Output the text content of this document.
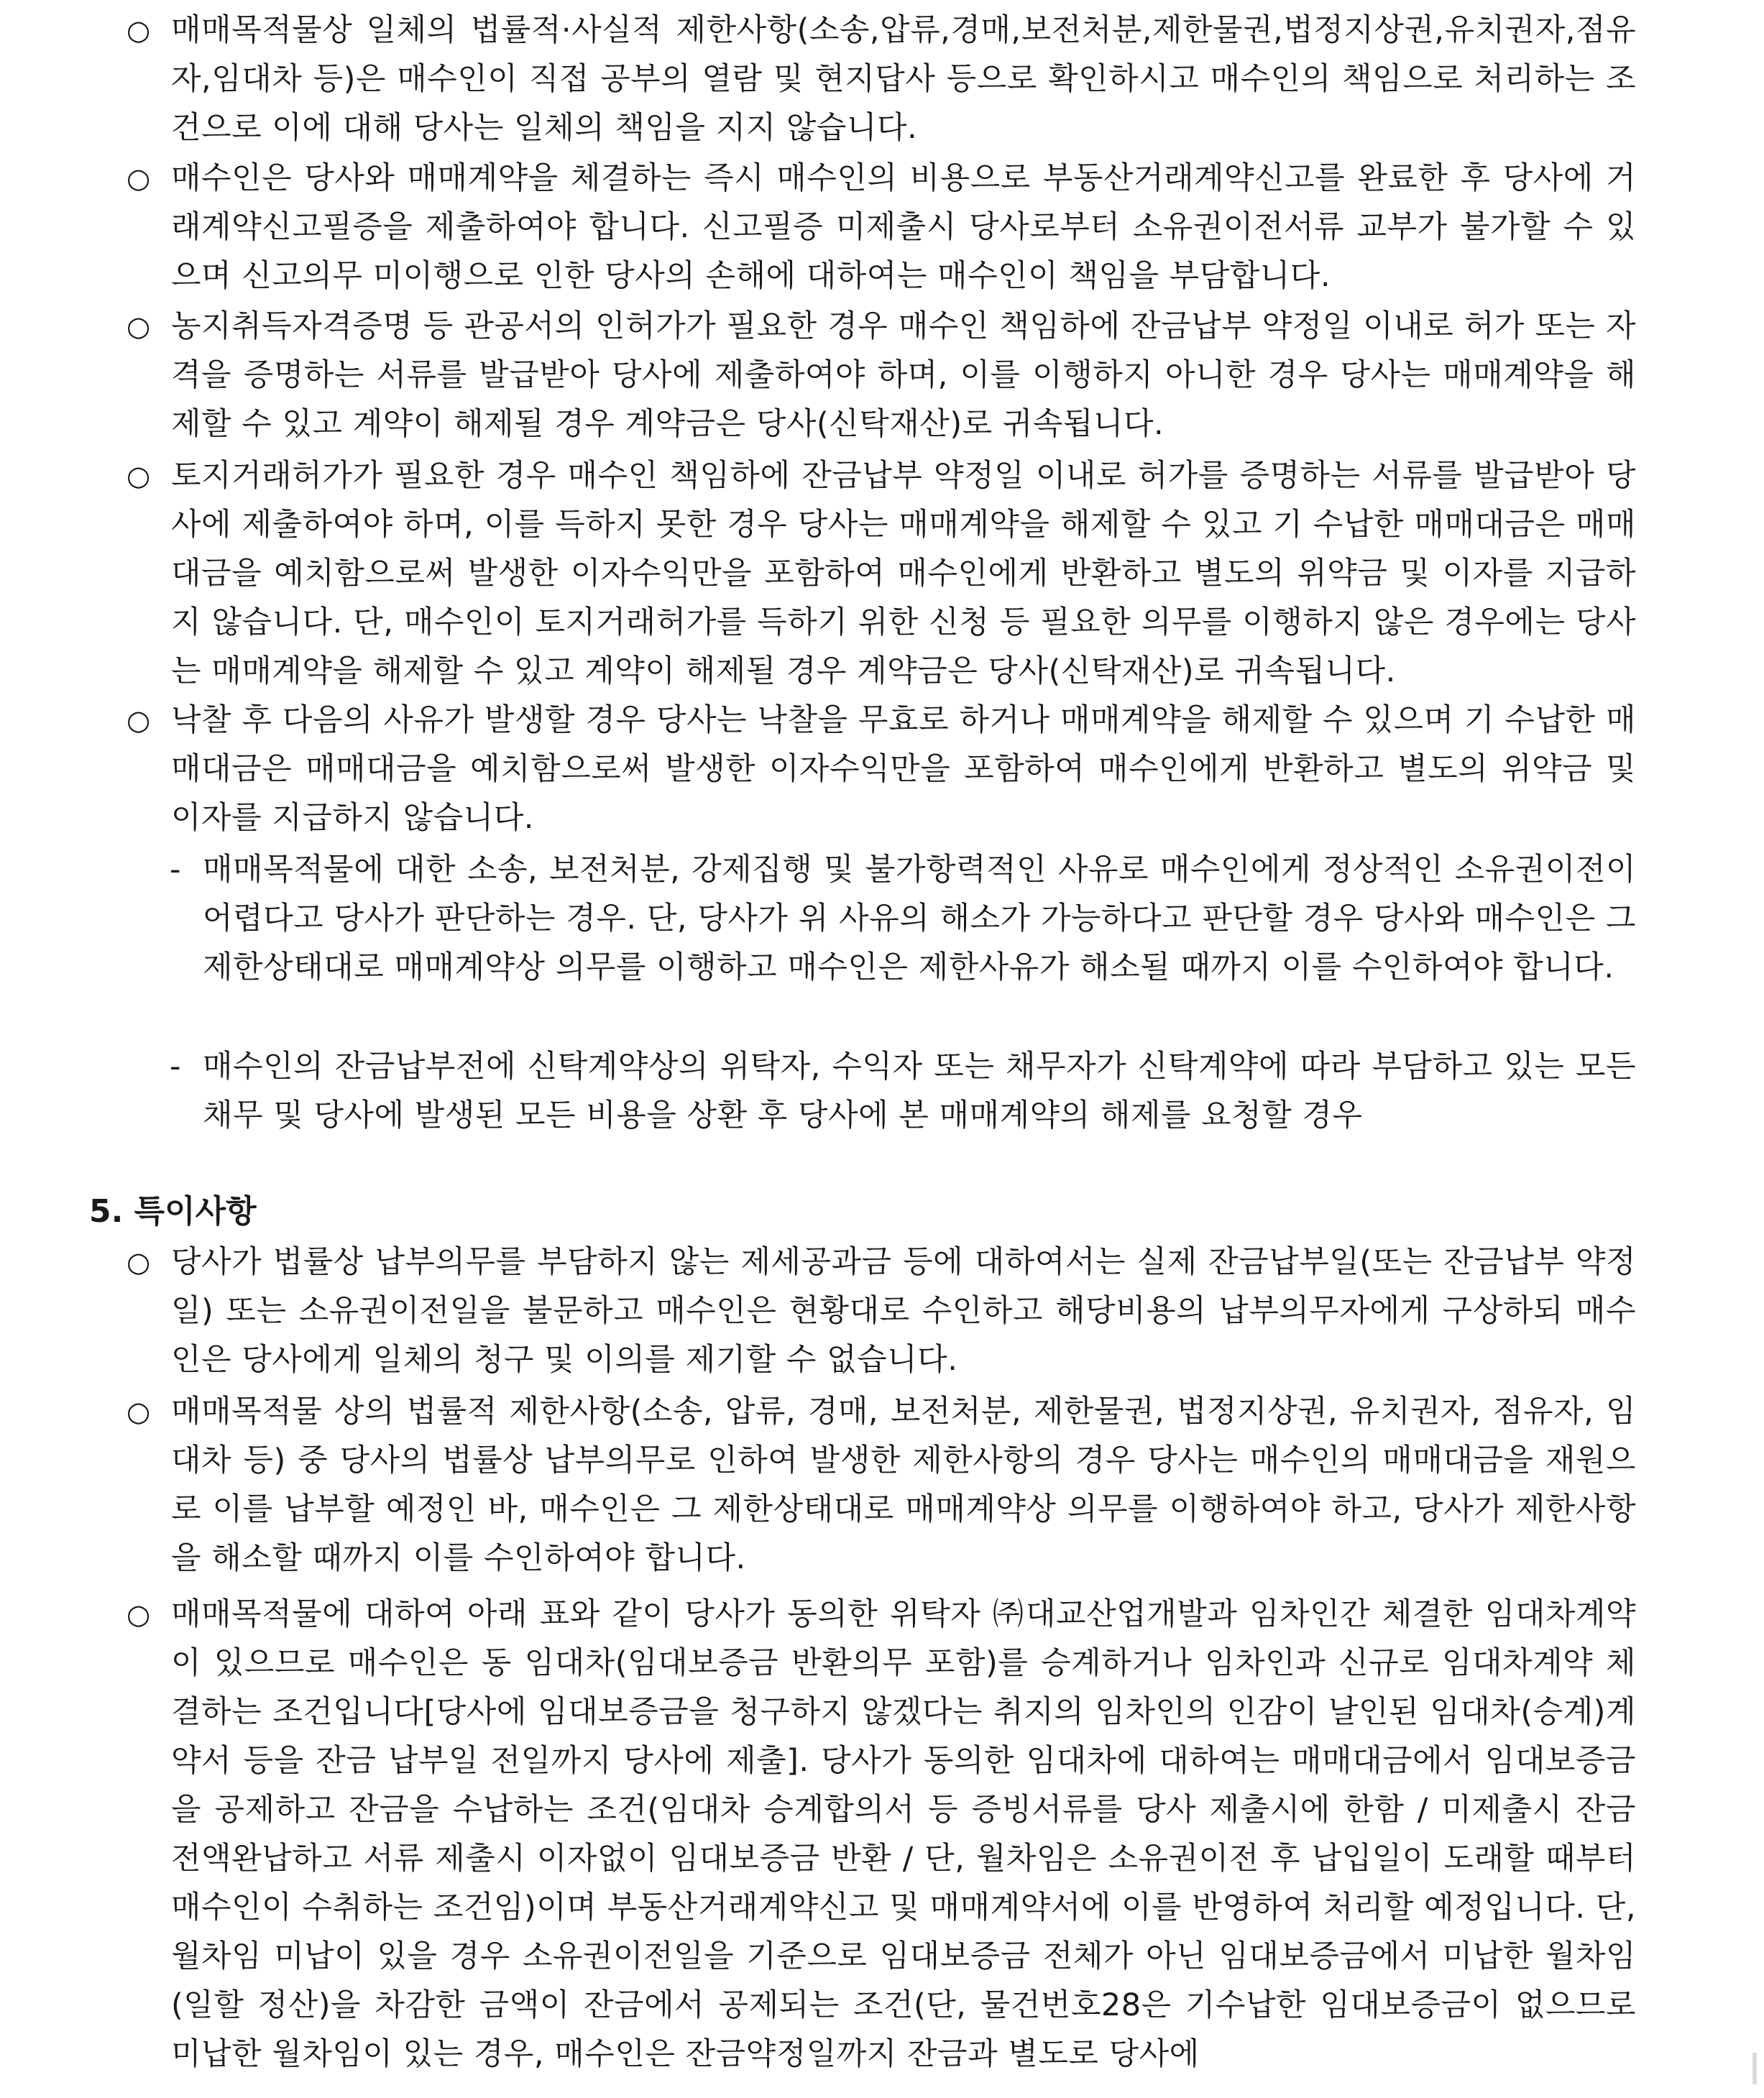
○ 매매목적물상 일체의 법률적·사실적 제한사항(소송,압류,경매,보전처분,제한물권,법정지상권,유치권자,점유자,임대차 등)은 매수인이 직접 공부의 열람 및 현지답사 등으로 확인하시고 매수인의 책임으로 처리하는 조건으로 이에 대해 당사는 일체의 책임을 지지 않습니다.
○ 매수인은 당사와 매매계약을 체결하는 즉시 매수인의 비용으로 부동산거래계약신고를 완료한 후 당사에 거래계약신고필증을 제출하여야 합니다. 신고필증 미제출시 당사로부터 소유권이전서류 교부가 불가할 수 있으며 신고의무 미이행으로 인한 당사의 손해에 대하여는 매수인이 책임을 부담합니다.
○ 농지취득자격증명 등 관공서의 인허가가 필요한 경우 매수인 책임하에 잔금납부 약정일 이내로 허가 또는 자격을 증명하는 서류를 발급받아 당사에 제출하여야 하며, 이를 이행하지 아니한 경우 당사는 매매계약을 해제할 수 있고 계약이 해제될 경우 계약금은 당사(신탁재산)로 귀속됩니다.
○ 토지거래허가가 필요한 경우 매수인 책임하에 잔금납부 약정일 이내로 허가를 증명하는 서류를 발급받아 당사에 제출하여야 하며, 이를 득하지 못한 경우 당사는 매매계약을 해제할 수 있고 기 수납한 매매대금은 매매대금을 예치함으로써 발생한 이자수익만을 포함하여 매수인에게 반환하고 별도의 위약금 및 이자를 지급하지 않습니다. 단, 매수인이 토지거래허가를 득하기 위한 신청 등 필요한 의무를 이행하지 않은 경우에는 당사는 매매계약을 해제할 수 있고 계약이 해제될 경우 계약금은 당사(신탁재산)로 귀속됩니다.
○ 낙찰 후 다음의 사유가 발생할 경우 당사는 낙찰을 무효로 하거나 매매계약을 해제할 수 있으며 기 수납한 매매대금은 매매대금을 예치함으로써 발생한 이자수익만을 포함하여 매수인에게 반환하고 별도의 위약금 및 이자를 지급하지 않습니다.
- 매매목적물에 대한 소송, 보전처분, 강제집행 및 불가항력적인 사유로 매수인에게 정상적인 소유권이전이 어렵다고 당사가 판단하는 경우. 단, 당사가 위 사유의 해소가 가능하다고 판단할 경우 당사와 매수인은 그 제한상태대로 매매계약상 의무를 이행하고 매수인은 제한사유가 해소될 때까지 이를 수인하여야 합니다.
- 매수인의 잔금납부전에 신탁계약상의 위탁자, 수익자 또는 채무자가 신탁계약에 따라 부담하고 있는 모든 채무 및 당사에 발생된 모든 비용을 상환 후 당사에 본 매매계약의 해제를 요청할 경우
5. 특이사항
○ 당사가 법률상 납부의무를 부담하지 않는 제세공과금 등에 대하여서는 실제 잔금납부일(또는 잔금납부 약정일) 또는 소유권이전일을 불문하고 매수인은 현황대로 수인하고 해당비용의 납부의무자에게 구상하되 매수인은 당사에게 일체의 청구 및 이의를 제기할 수 없습니다.
○ 매매목적물 상의 법률적 제한사항(소송, 압류, 경매, 보전처분, 제한물권, 법정지상권, 유치권자, 점유자, 임대차 등) 중 당사의 법률상 납부의무로 인하여 발생한 제한사항의 경우 당사는 매수인의 매매대금을 재원으로 이를 납부할 예정인 바, 매수인은 그 제한상태대로 매매계약상 의무를 이행하여야 하고, 당사가 제한사항을 해소할 때까지 이를 수인하여야 합니다.
○ 매매목적물에 대하여 아래 표와 같이 당사가 동의한 위탁자 ㈜대교산업개발과 임차인간 체결한 임대차계약이 있으므로 매수인은 동 임대차(임대보증금 반환의무 포함)를 승계하거나 임차인과 신규로 임대차계약 체결하는 조건입니다[당사에 임대보증금을 청구하지 않겠다는 취지의 임차인의 인감이 날인된 임대차(승계)계약서 등을 잔금 납부일 전일까지 당사에 제출]. 당사가 동의한 임대차에 대하여는 매매대금에서 임대보증금을 공제하고 잔금을 수납하는 조건(임대차 승계합의서 등 증빙서류를 당사 제출시에 한함 / 미제출시 잔금 전액완납하고 서류 제출시 이자없이 임대보증금 반환 / 단, 월차임은 소유권이전 후 납입일이 도래할 때부터 매수인이 수취하는 조건임)이며 부동산거래계약신고 및 매매계약서에 이를 반영하여 처리할 예정입니다. 단, 월차임 미납이 있을 경우 소유권이전일을 기준으로 임대보증금 전체가 아닌 임대보증금에서 미납한 월차임(일할 정산)을 차감한 금액이 잔금에서 공제되는 조건(단, 물건번호28은 기수납한 임대보증금이 없으므로 미납한 월차임이 있는 경우, 매수인은 잔금약정일까지 잔금과 별도로 당사에
